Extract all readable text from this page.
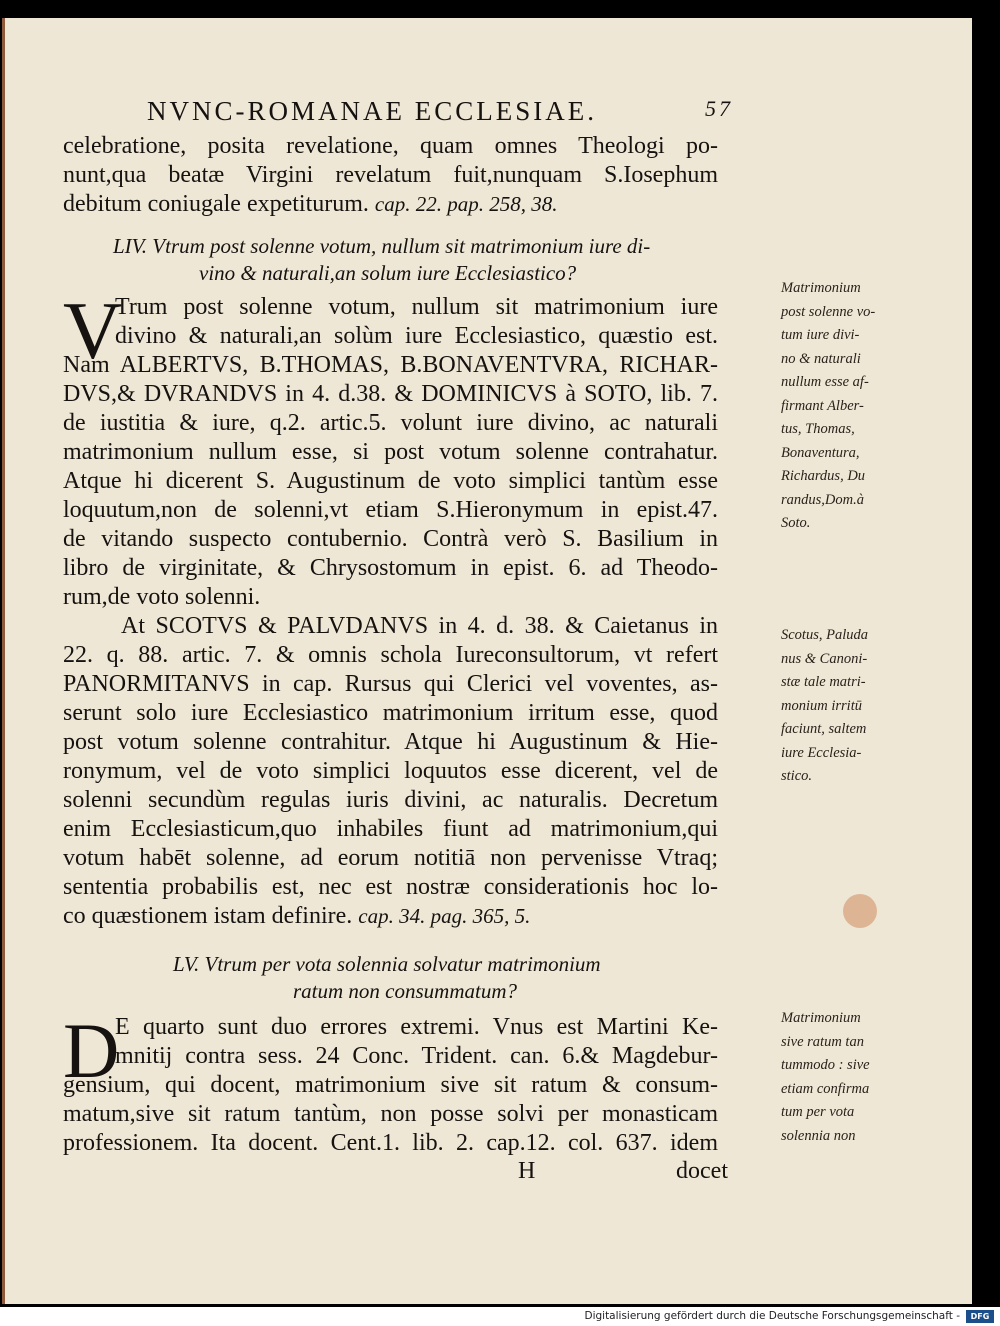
NVNC-ROMANAE ECCLESIAE.	57
celebratione, posita revelatione, quam omnes Theologi po-
nunt,qua beatæ Virgini revelatum fuit,nunquam S.Iosephum
debitum coniugale expetiturum. cap. 22. pap. 258, 38.
LIV. Vtrum post solenne votum, nullum sit matrimonium iure di-
vino & naturali,an solum iure Ecclesiastico?
Matrimonium
post solenne vo-
tum iure divi-
no & naturali
nullum esse af-
firmant Alber-
tus, Thomas,
Bonaventura,
Richardus, Du
randus,Dom.à
Soto.
V
Trum post solenne votum, nullum sit matrimonium iure
divino & naturali,an solùm iure Ecclesiastico, quæstio est.
Nam ALBERTVS, B.THOMAS, B.BONAVENTVRA, RICHAR-
DVS,& DVRANDVS in 4. d.38. & DOMINICVS à SOTO, lib. 7.
de iustitia & iure, q.2. artic.5. volunt iure divino, ac naturali
matrimonium nullum esse, si post votum solenne contrahatur.
Atque hi dicerent S. Augustinum de voto simplici tantùm esse
loquutum,non de solenni,vt etiam S.Hieronymum in epist.47.
de vitando suspecto contubernio. Contrà verò S. Basilium in
libro de virginitate, & Chrysostomum in epist. 6. ad Theodo-
rum,de voto solenni.
Scotus, Paluda
nus & Canoni-
stæ tale matri-
monium irritū
faciunt, saltem
iure Ecclesia-
stico.
At SCOTVS & PALVDANVS in 4. d. 38. & Caietanus in
22. q. 88. artic. 7. & omnis schola Iureconsultorum, vt refert
PANORMITANVS in cap. Rursus qui Clerici vel voventes, as-
serunt solo iure Ecclesiastico matrimonium irritum esse, quod
post votum solenne contrahitur. Atque hi Augustinum & Hie-
ronymum, vel de voto simplici loquutos esse dicerent, vel de
solenni secundùm regulas iuris divini, ac naturalis. Decretum
enim Ecclesiasticum,quo inhabiles fiunt ad matrimonium,qui
votum habēt solenne, ad eorum notitiā non pervenisse Vtraq;
sententia probabilis est, nec est nostræ considerationis hoc lo-
co quæstionem istam definire. cap. 34. pag. 365, 5.
LV. Vtrum per vota solennia solvatur matrimonium
ratum non consummatum?
Matrimonium
sive ratum tan
tummodo : sive
etiam confirma
tum per vota
solennia non
D
E quarto sunt duo errores extremi. Vnus est Martini Ke-
mnitij contra sess. 24 Conc. Trident. can. 6.& Magdebur-
gensium, qui docent, matrimonium sive sit ratum & consum-
matum,sive sit ratum tantùm, non posse solvi per monasticam
professionem. Ita docent. Cent.1. lib. 2. cap.12. col. 637. idem
H	docet
Digitalisierung gefördert durch die Deutsche Forschungsgemeinschaft -	DFG
